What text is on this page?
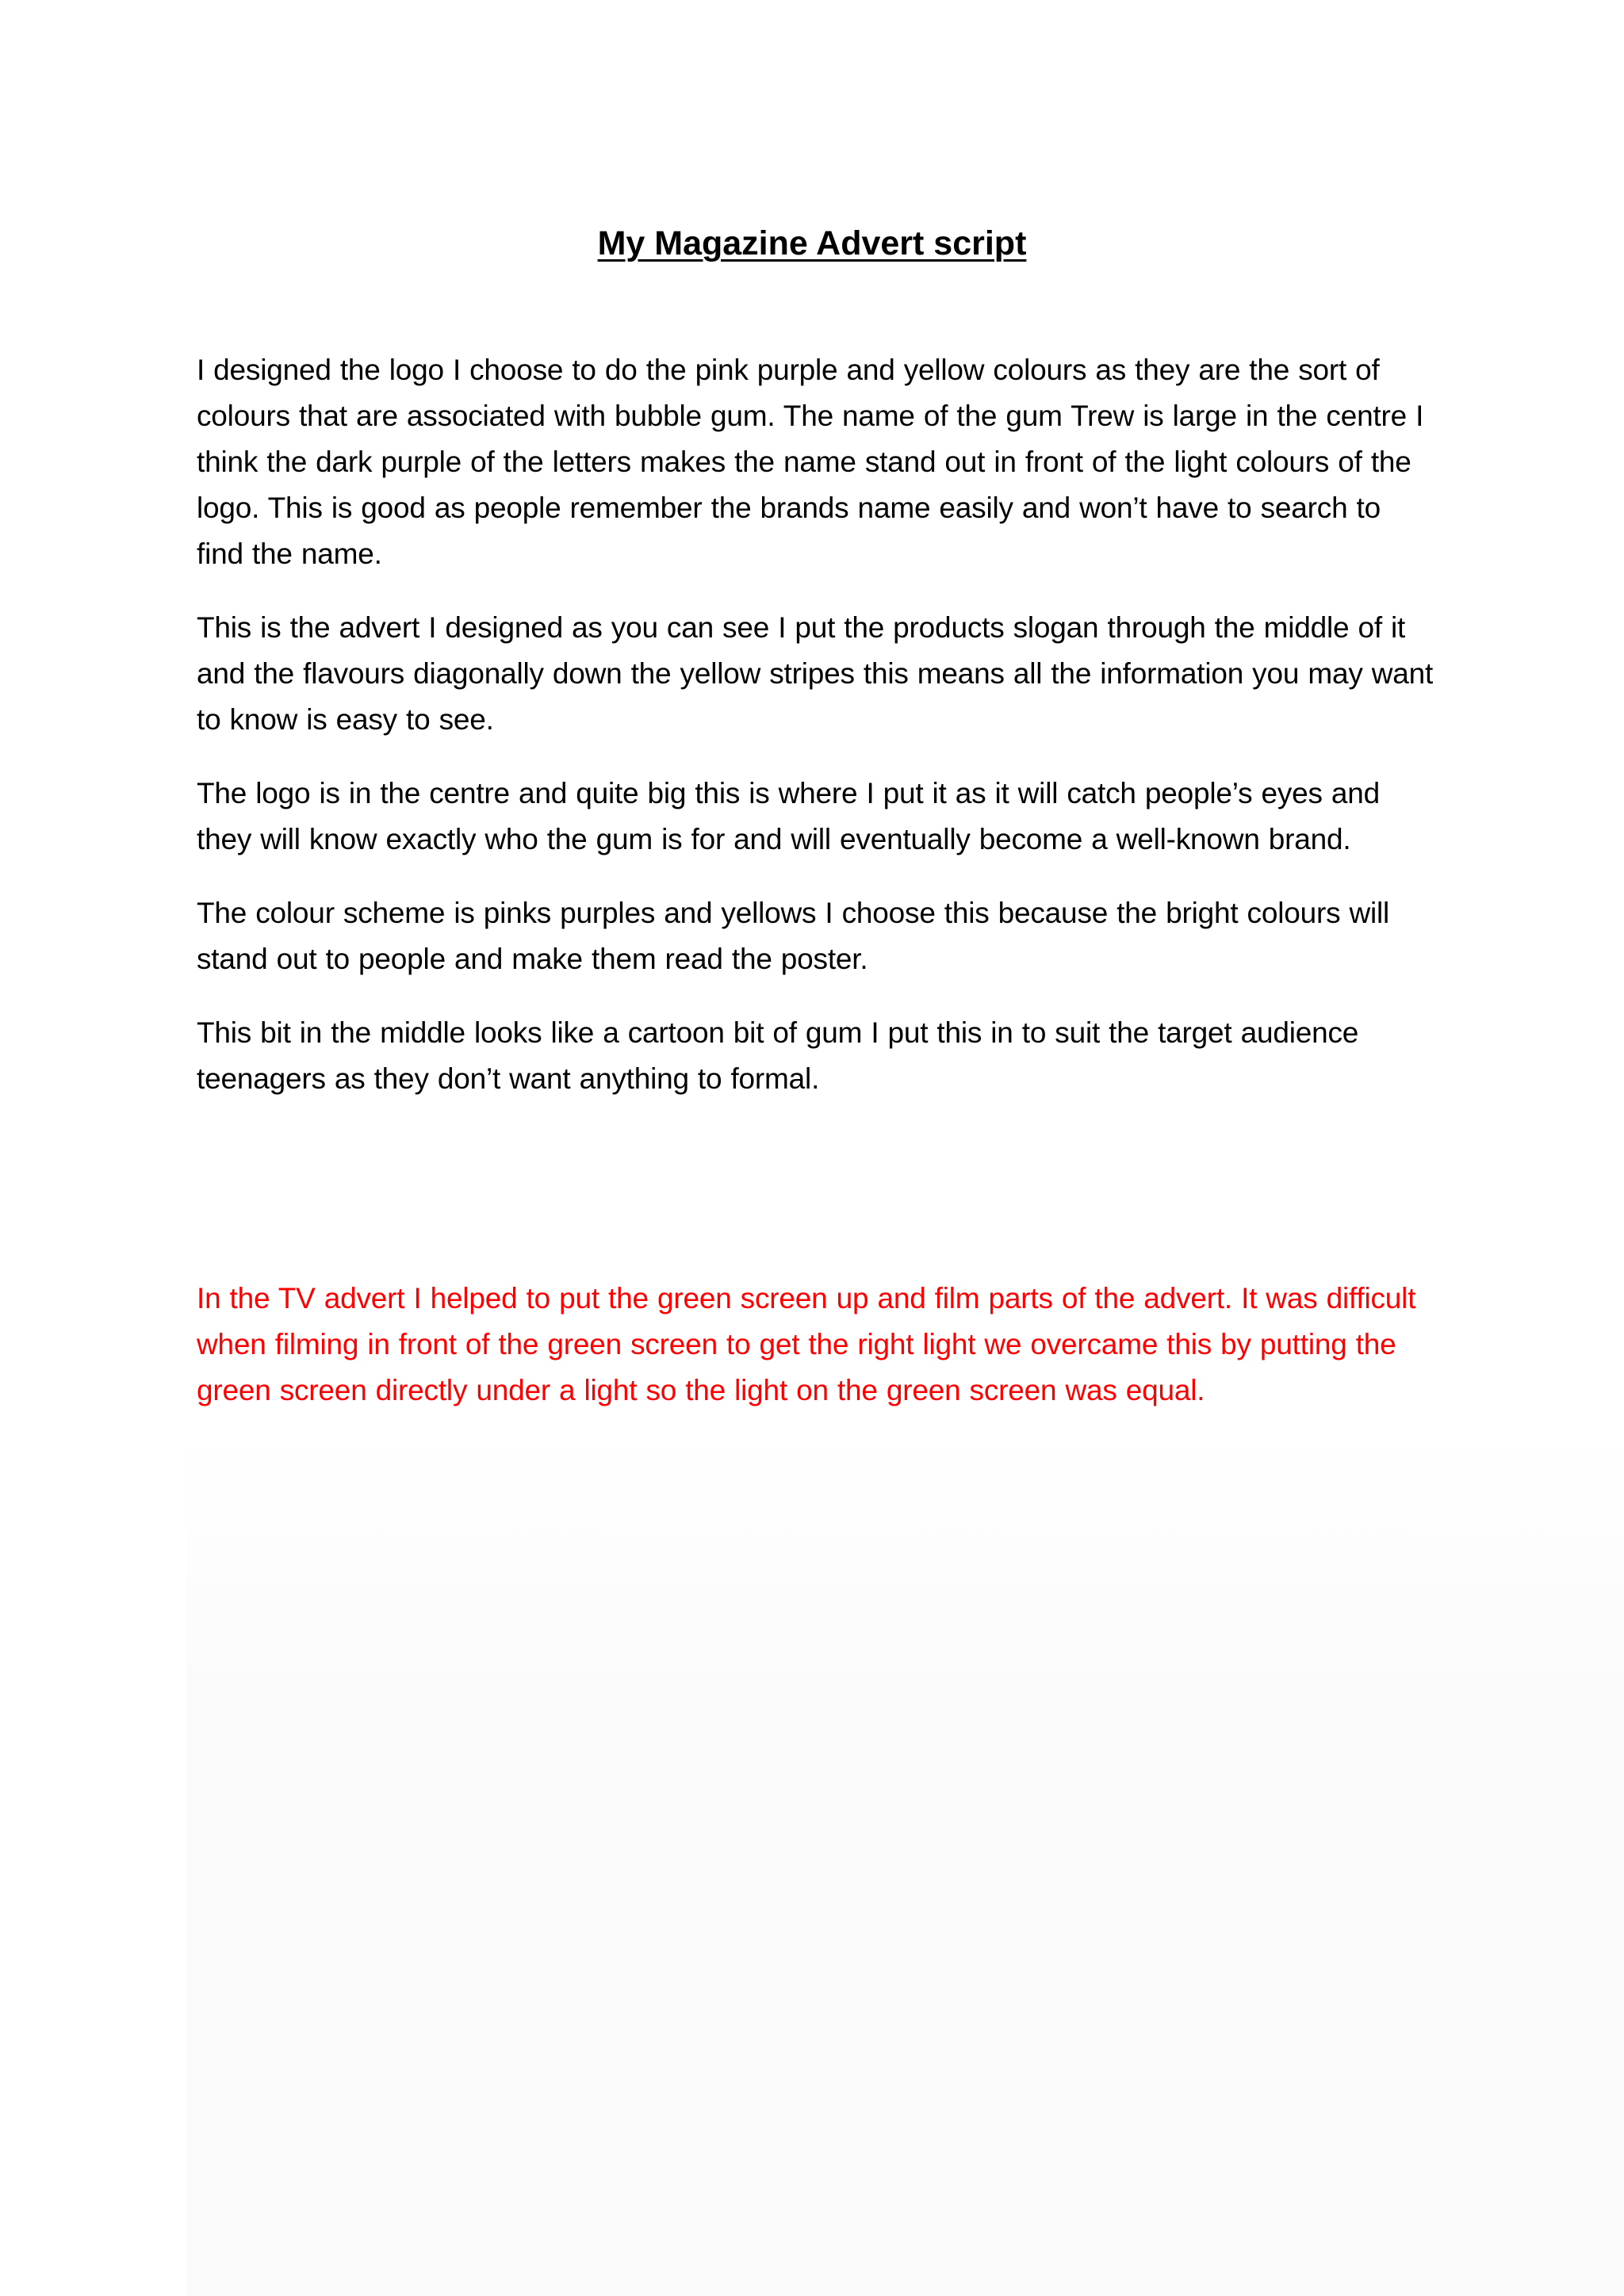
My Magazine Advert script

I designed the logo I choose to do the pink purple and yellow colours as they are the sort of colours that are associated with bubble gum. The name of the gum Trew is large in the centre I think the dark purple of the letters makes the name stand out in front of the light colours of the logo. This is good as people remember the brands name easily and won’t have to search to find the name.

This is the advert I designed as you can see I put the products slogan through the middle of it and the flavours diagonally down the yellow stripes this means all the information you may want to know is easy to see.

The logo is in the centre and quite big this is where I put it as it will catch people’s eyes and they will know exactly who the gum is for and will eventually become a well-known brand.

The colour scheme is pinks purples and yellows I choose this because the bright colours will stand out to people and make them read the poster.

This bit in the middle looks like a cartoon bit of gum I put this in to suit the target audience teenagers as they don’t want anything to formal.

In the TV advert I helped to put the green screen up and film parts of the advert. It was difficult when filming in front of the green screen to get the right light we overcame this by putting the green screen directly under a light so the light on the green screen was equal.
